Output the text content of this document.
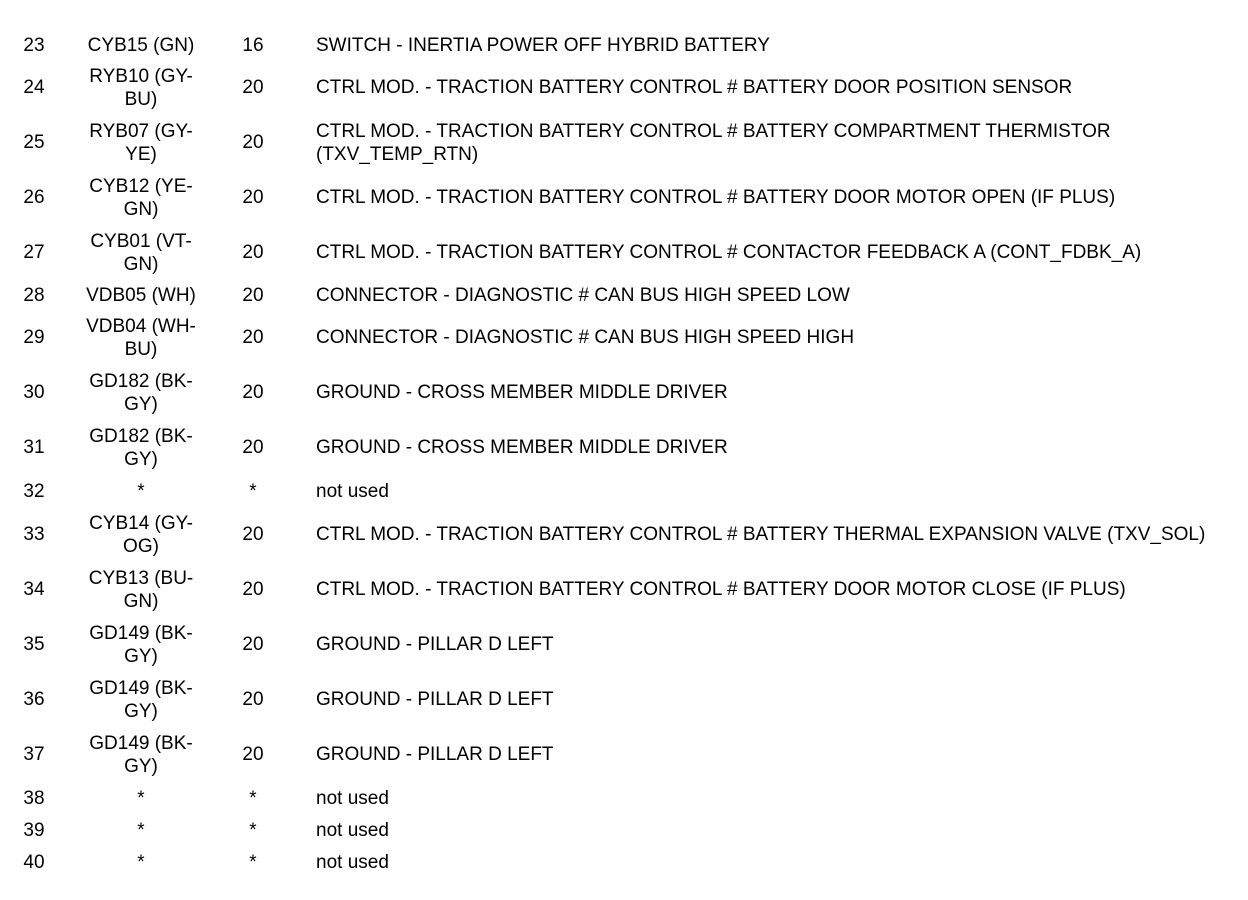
23	CYB15 (GN)	16	SWITCH - INERTIA POWER OFF HYBRID BATTERY
24	RYB10 (GY-BU)	20	CTRL MOD. - TRACTION BATTERY CONTROL # BATTERY DOOR POSITION SENSOR
25	RYB07 (GY-YE)	20	CTRL MOD. - TRACTION BATTERY CONTROL # BATTERY COMPARTMENT THERMISTOR (TXV_TEMP_RTN)
26	CYB12 (YE-GN)	20	CTRL MOD. - TRACTION BATTERY CONTROL # BATTERY DOOR MOTOR OPEN (IF PLUS)
27	CYB01 (VT-GN)	20	CTRL MOD. - TRACTION BATTERY CONTROL # CONTACTOR FEEDBACK A (CONT_FDBK_A)
28	VDB05 (WH)	20	CONNECTOR - DIAGNOSTIC # CAN BUS HIGH SPEED LOW
29	VDB04 (WH-BU)	20	CONNECTOR - DIAGNOSTIC # CAN BUS HIGH SPEED HIGH
30	GD182 (BK-GY)	20	GROUND - CROSS MEMBER MIDDLE DRIVER
31	GD182 (BK-GY)	20	GROUND - CROSS MEMBER MIDDLE DRIVER
32	*	*	not used
33	CYB14 (GY-OG)	20	CTRL MOD. - TRACTION BATTERY CONTROL # BATTERY THERMAL EXPANSION VALVE (TXV_SOL)
34	CYB13 (BU-GN)	20	CTRL MOD. - TRACTION BATTERY CONTROL # BATTERY DOOR MOTOR CLOSE (IF PLUS)
35	GD149 (BK-GY)	20	GROUND - PILLAR D LEFT
36	GD149 (BK-GY)	20	GROUND - PILLAR D LEFT
37	GD149 (BK-GY)	20	GROUND - PILLAR D LEFT
38	*	*	not used
39	*	*	not used
40	*	*	not used
